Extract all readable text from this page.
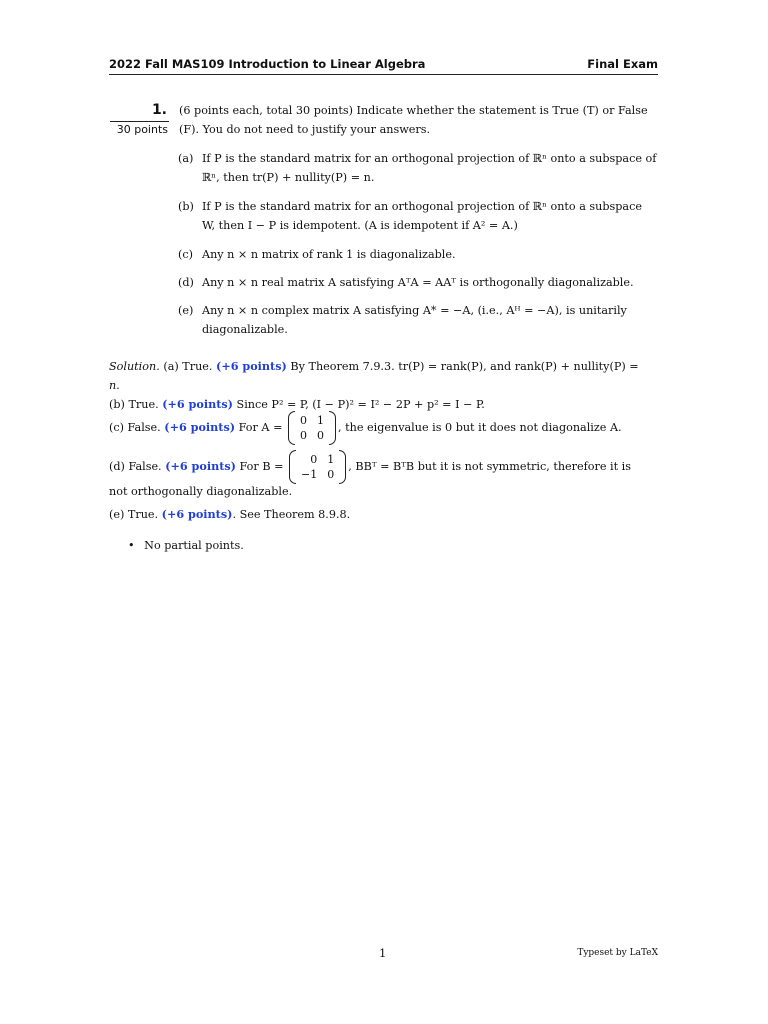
2022 Fall MAS109 Introduction to Linear Algebra	Final Exam
1.
30 points
(6 points each, total 30 points) Indicate whether the statement is True (T) or False
(F). You do not need to justify your answers.
(a) If P is the standard matrix for an orthogonal projection of ℝⁿ onto a subspace of
ℝⁿ, then tr(P) + nullity(P) = n.
(b) If P is the standard matrix for an orthogonal projection of ℝⁿ onto a subspace
W, then I − P is idempotent. (A is idempotent if A² = A.)
(c) Any n × n matrix of rank 1 is diagonalizable.
(d) Any n × n real matrix A satisfying AᵀA = AAᵀ is orthogonally diagonalizable.
(e) Any n × n complex matrix A satisfying A* = −A, (i.e., Aᴴ = −A), is unitarily
diagonalizable.
Solution. (a) True. (+6 points) By Theorem 7.9.3. tr(P) = rank(P), and rank(P) + nullity(P) =
n.
(b) True. (+6 points) Since P² = P, (I − P)² = I² − 2P + p² = I − P.
(c) False. (+6 points) For A =
0	1
0	0
, the eigenvalue is 0 but it does not diagonalize A.
(d) False. (+6 points) For B =
0	1
−1	0
, BBᵀ = BᵀB but it is not symmetric, therefore it is
not orthogonally diagonalizable.
(e) True. (+6 points). See Theorem 8.9.8.
• No partial points.
1	Typeset by LaTeX
